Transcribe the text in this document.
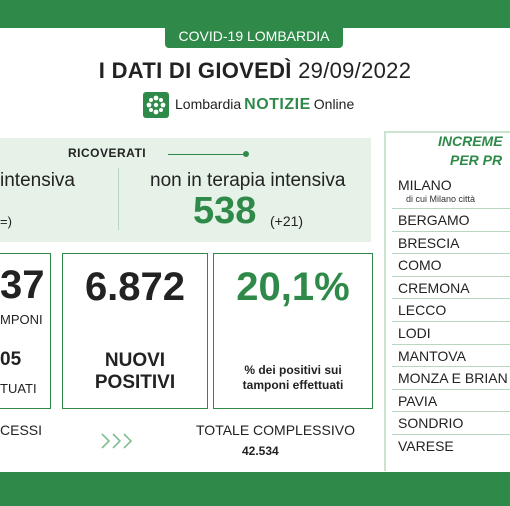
COVID-19 LOMBARDIA
I DATI DI GIOVEDÌ 29/09/2022
Lombardia NOTIZIE Online
RICOVERATI
intensiva
=)
non in terapia intensiva
538 (+21)
37
MPONI
05
TUATI
6.872
NUOVI
POSITIVI
20,1%
% dei positivi sui
tamponi effettuati
CESSI	TOTALE COMPLESSIVO
42.534
INCREME
PER PR
MILANO
di cui Milano città
BERGAMO
BRESCIA
COMO
CREMONA
LECCO
LODI
MANTOVA
MONZA E BRIAN
PAVIA
SONDRIO
VARESE
